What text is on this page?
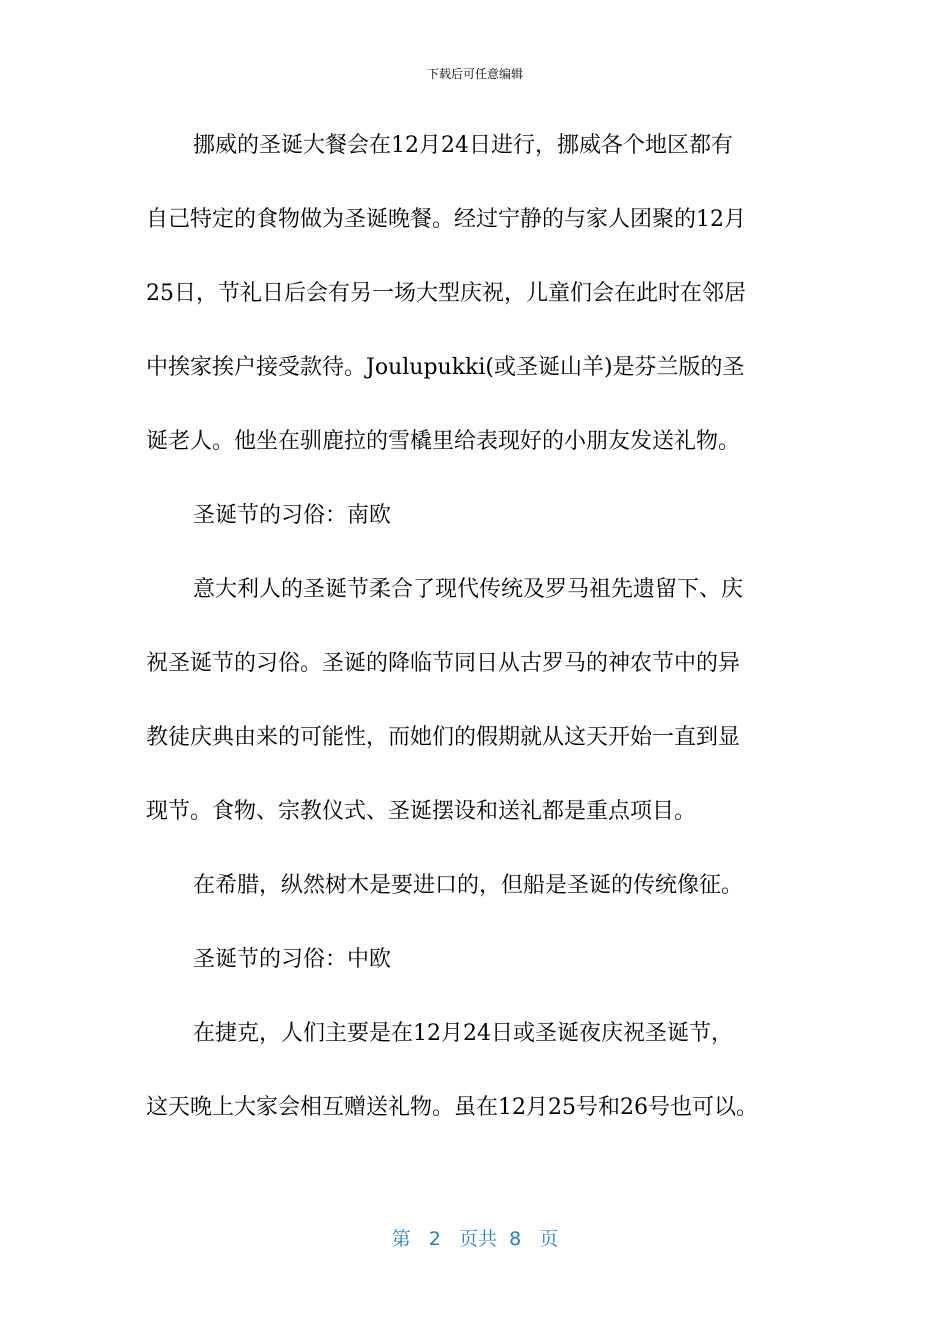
下载后可任意编辑
挪威的圣诞大餐会在12月24日进行，挪威各个地区都有
自己特定的食物做为圣诞晚餐。经过宁静的与家人团聚的12月
25日，节礼日后会有另一场大型庆祝，儿童们会在此时在邻居
中挨家挨户接受款待。Joulupukki(或圣诞山羊)是芬兰版的圣
诞老人。他坐在驯鹿拉的雪橇里给表现好的小朋友发送礼物。
圣诞节的习俗：南欧
意大利人的圣诞节柔合了现代传统及罗马祖先遗留下、庆
祝圣诞节的习俗。圣诞的降临节同日从古罗马的神农节中的异
教徒庆典由来的可能性，而她们的假期就从这天开始一直到显
现节。食物、宗教仪式、圣诞摆设和送礼都是重点项目。
在希腊，纵然树木是要进口的，但船是圣诞的传统像征。
圣诞节的习俗：中欧
在捷克，人们主要是在12月24日或圣诞夜庆祝圣诞节，
这天晚上大家会相互赠送礼物。虽在12月25号和26号也可以。
第 2 页共 8 页
